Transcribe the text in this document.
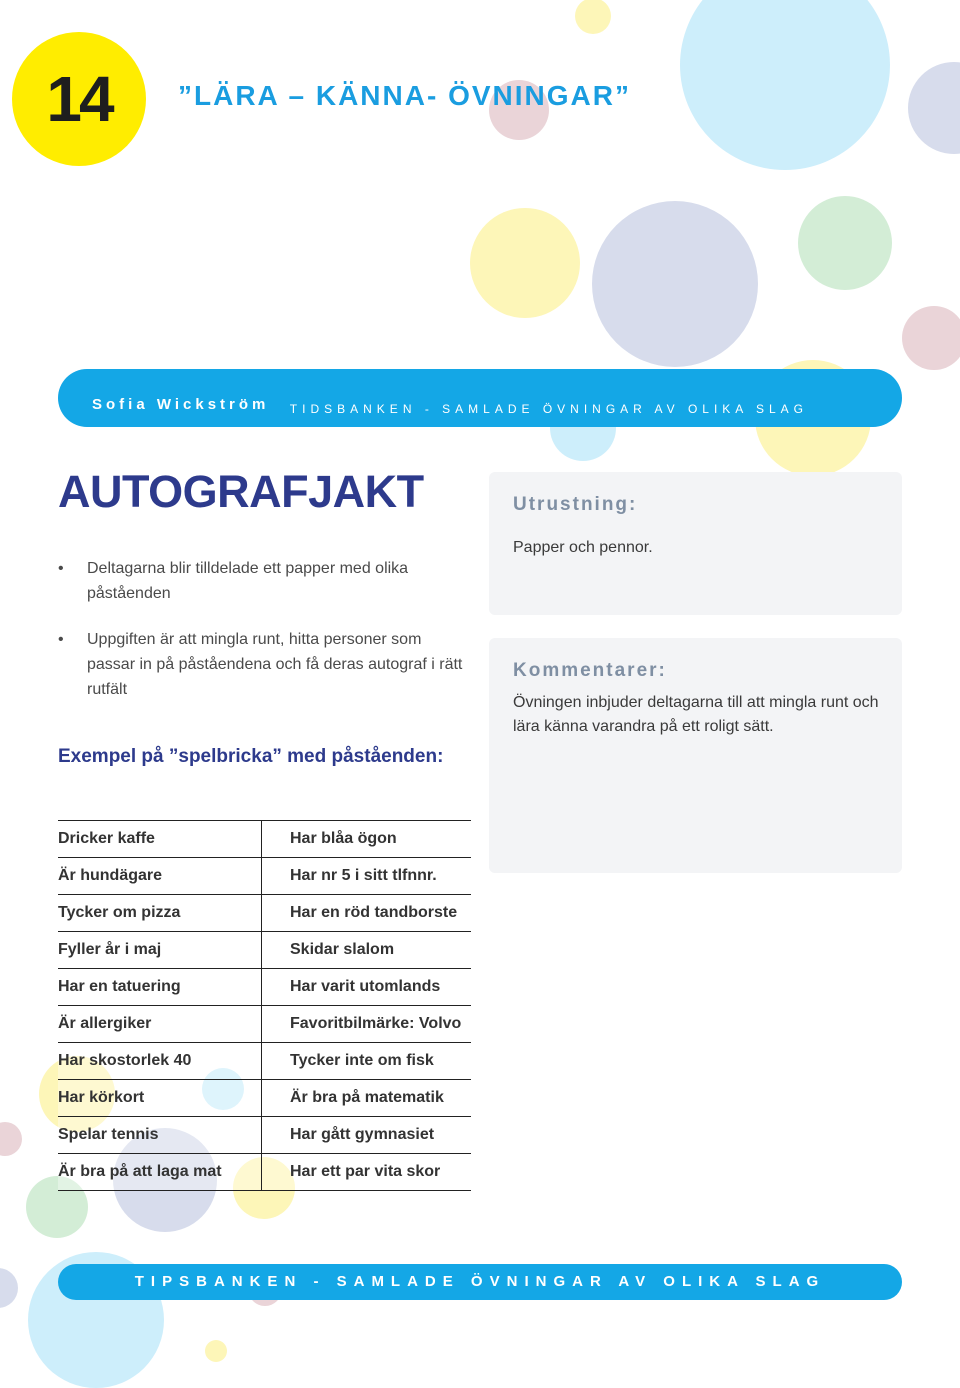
14 ”LÄRA – KÄNNA- ÖVNINGAR”
Sofia Wickström TIDSBANKEN - SAMLADE ÖVNINGAR AV OLIKA SLAG
AUTOGRAFJAKT
• Deltagarna blir tilldelade ett papper med olika påståenden
• Uppgiften är att mingla runt, hitta personer som passar in på påståendena och få deras autograf i rätt rutfält
Exempel på ”spelbricka” med påståenden:
Utrustning:
Papper och pennor.
Kommentarer:
Övningen inbjuder deltagarna till att mingla runt och lära känna varandra på ett roligt sätt.
Dricker kaffe	Har blåa ögon
Är hundägare	Har nr 5 i sitt tlfnnr.
Tycker om pizza	Har en röd tandborste
Fyller år i maj	Skidar slalom
Har en tatuering	Har varit utomlands
Är allergiker	Favoritbilmärke: Volvo
Har skostorlek 40	Tycker inte om fisk
Har körkort	Är bra på matematik
Spelar tennis	Har gått gymnasiet
Är bra på att laga mat	Har ett par vita skor
TIPSBANKEN - SAMLADE ÖVNINGAR AV OLIKA SLAG
